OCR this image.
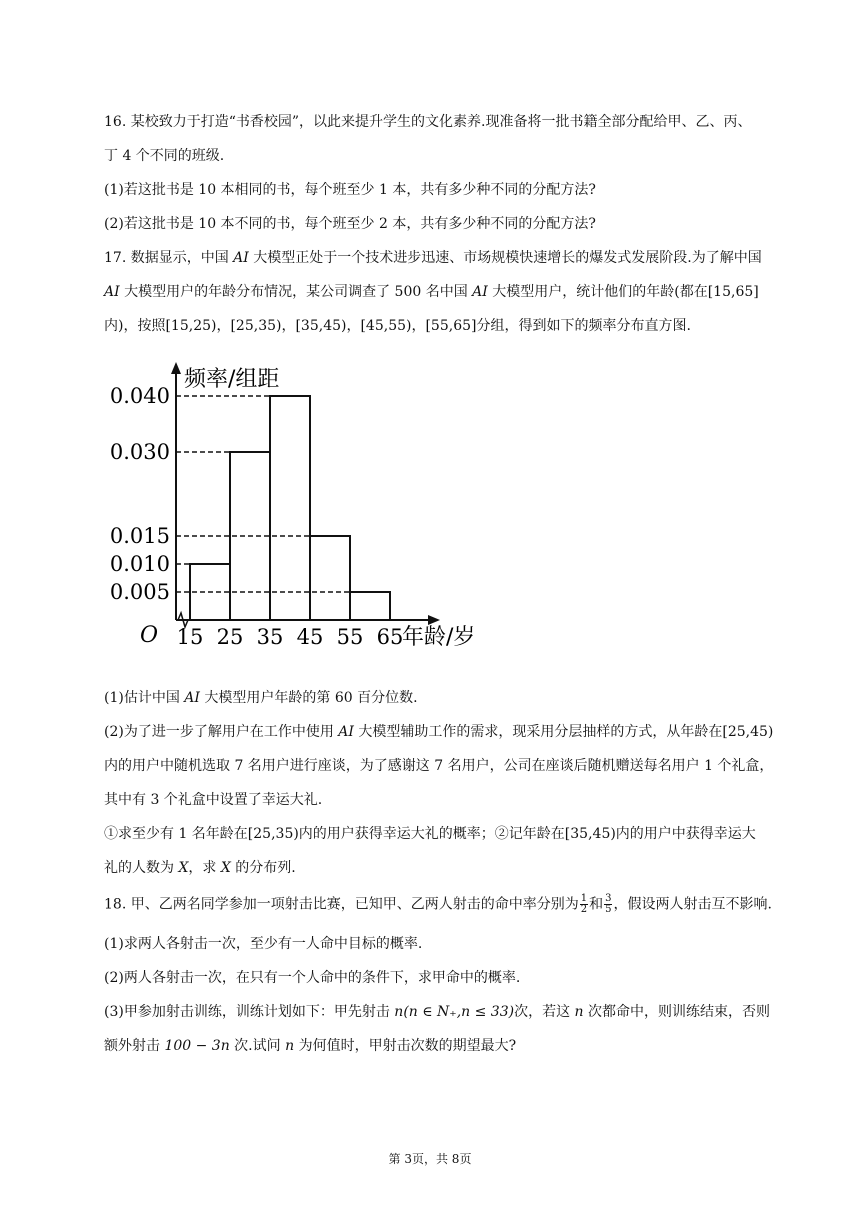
16. 某校致力于打造“书香校园”，以此来提升学生的文化素养.现准备将一批书籍全部分配给甲、乙、丙、
丁 4 个不同的班级.
(1)若这批书是 10 本相同的书，每个班至少 1 本，共有多少种不同的分配方法?
(2)若这批书是 10 本不同的书，每个班至少 2 本，共有多少种不同的分配方法?
17. 数据显示，中国 AI 大模型正处于一个技术进步迅速、市场规模快速增长的爆发式发展阶段.为了解中国
AI 大模型用户的年龄分布情况，某公司调查了 500 名中国 AI 大模型用户，统计他们的年龄(都在[15,65]
内)，按照[15,25)，[25,35)，[35,45)，[45,55)，[55,65]分组，得到如下的频率分布直方图.
0.040
0.030
0.015
0.010
0.005
15 25 35 45 55 65
O
频率/组距
年龄/岁
(1)估计中国 AI 大模型用户年龄的第 60 百分位数.
(2)为了进一步了解用户在工作中使用 AI 大模型辅助工作的需求，现采用分层抽样的方式，从年龄在[25,45)
内的用户中随机选取 7 名用户进行座谈，为了感谢这 7 名用户，公司在座谈后随机赠送每名用户 1 个礼盒，
其中有 3 个礼盒中设置了幸运大礼.
①求至少有 1 名年龄在[25,35)内的用户获得幸运大礼的概率；②记年龄在[35,45)内的用户中获得幸运大
礼的人数为 X，求 X 的分布列.
18. 甲、乙两名同学参加一项射击比赛，已知甲、乙两人射击的命中率分别为 $\frac{1}{2}$ 和 $\frac{3}{5}$ ，假设两人射击互不影响.
(1)求两人各射击一次，至少有一人命中目标的概率.
(2)两人各射击一次，在只有一个人命中的条件下，求甲命中的概率.
(3)甲参加射击训练，训练计划如下：甲先射击 n(n ∈ N₊,n ≤ 33)次，若这 n 次都命中，则训练结束，否则
额外射击 100 − 3n 次.试问 n 为何值时，甲射击次数的期望最大?
第 3页，共 8页
